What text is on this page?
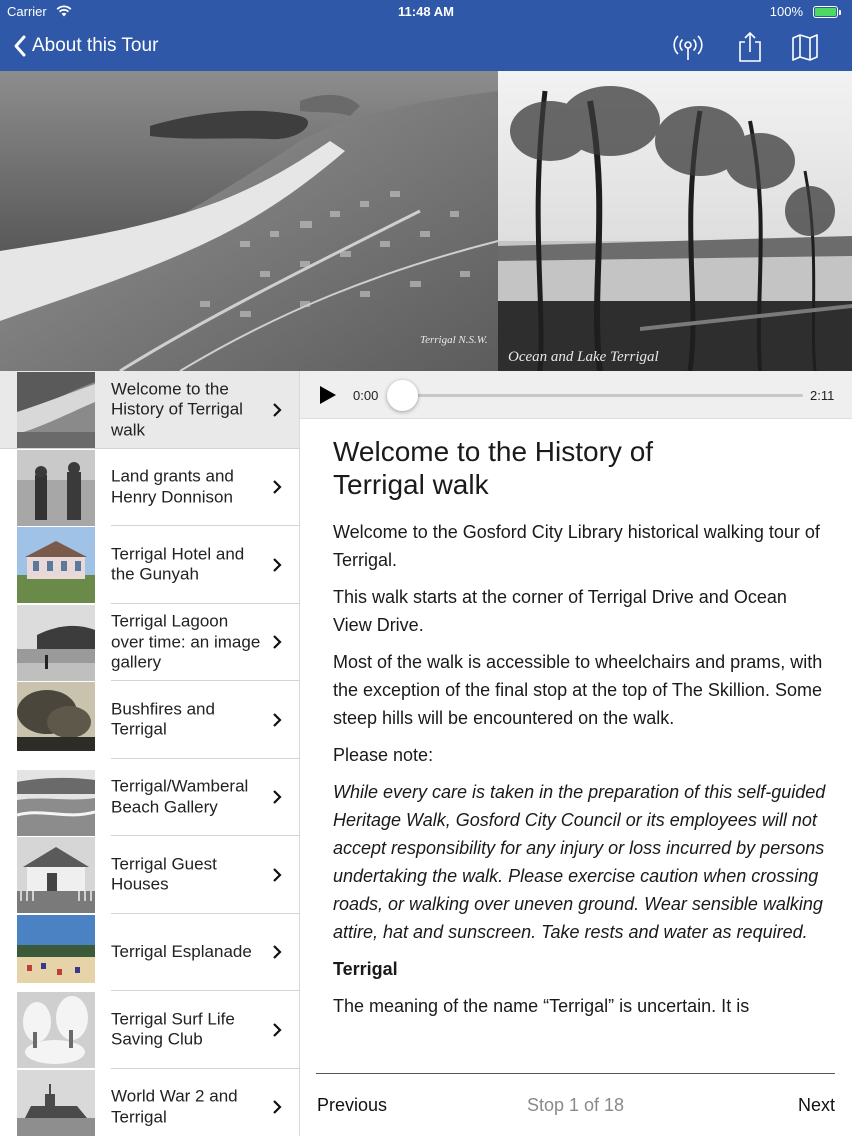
Carrier	11:48 AM	100%
About this Tour
Terrigal N.S.W.
Ocean and Lake Terrigal
Welcome to the History of Terrigal walk
Land grants and Henry Donnison
Terrigal Hotel and the Gunyah
Terrigal Lagoon over time: an image gallery
Bushfires and Terrigal
Terrigal/Wamberal Beach Gallery
Terrigal Guest Houses
Terrigal Esplanade
Terrigal Surf Life Saving Club
World War 2 and Terrigal
0:00	2:11
Welcome to the History of Terrigal walk

Welcome to the Gosford City Library historical walking tour of Terrigal.

This walk starts at the corner of Terrigal Drive and Ocean View Drive.

Most of the walk is accessible to wheelchairs and prams, with the exception of the final stop at the top of The Skillion. Some steep hills will be encountered on the walk.

Please note:

While every care is taken in the preparation of this self-guided Heritage Walk, Gosford City Council or its employees will not accept responsibility for any injury or loss incurred by persons undertaking the walk. Please exercise caution when crossing roads, or walking over uneven ground. Wear sensible walking attire, hat and sunscreen. Take rests and water as required.

Terrigal

The meaning of the name “Terrigal” is uncertain. It is

Previous	Stop 1 of 18	Next
